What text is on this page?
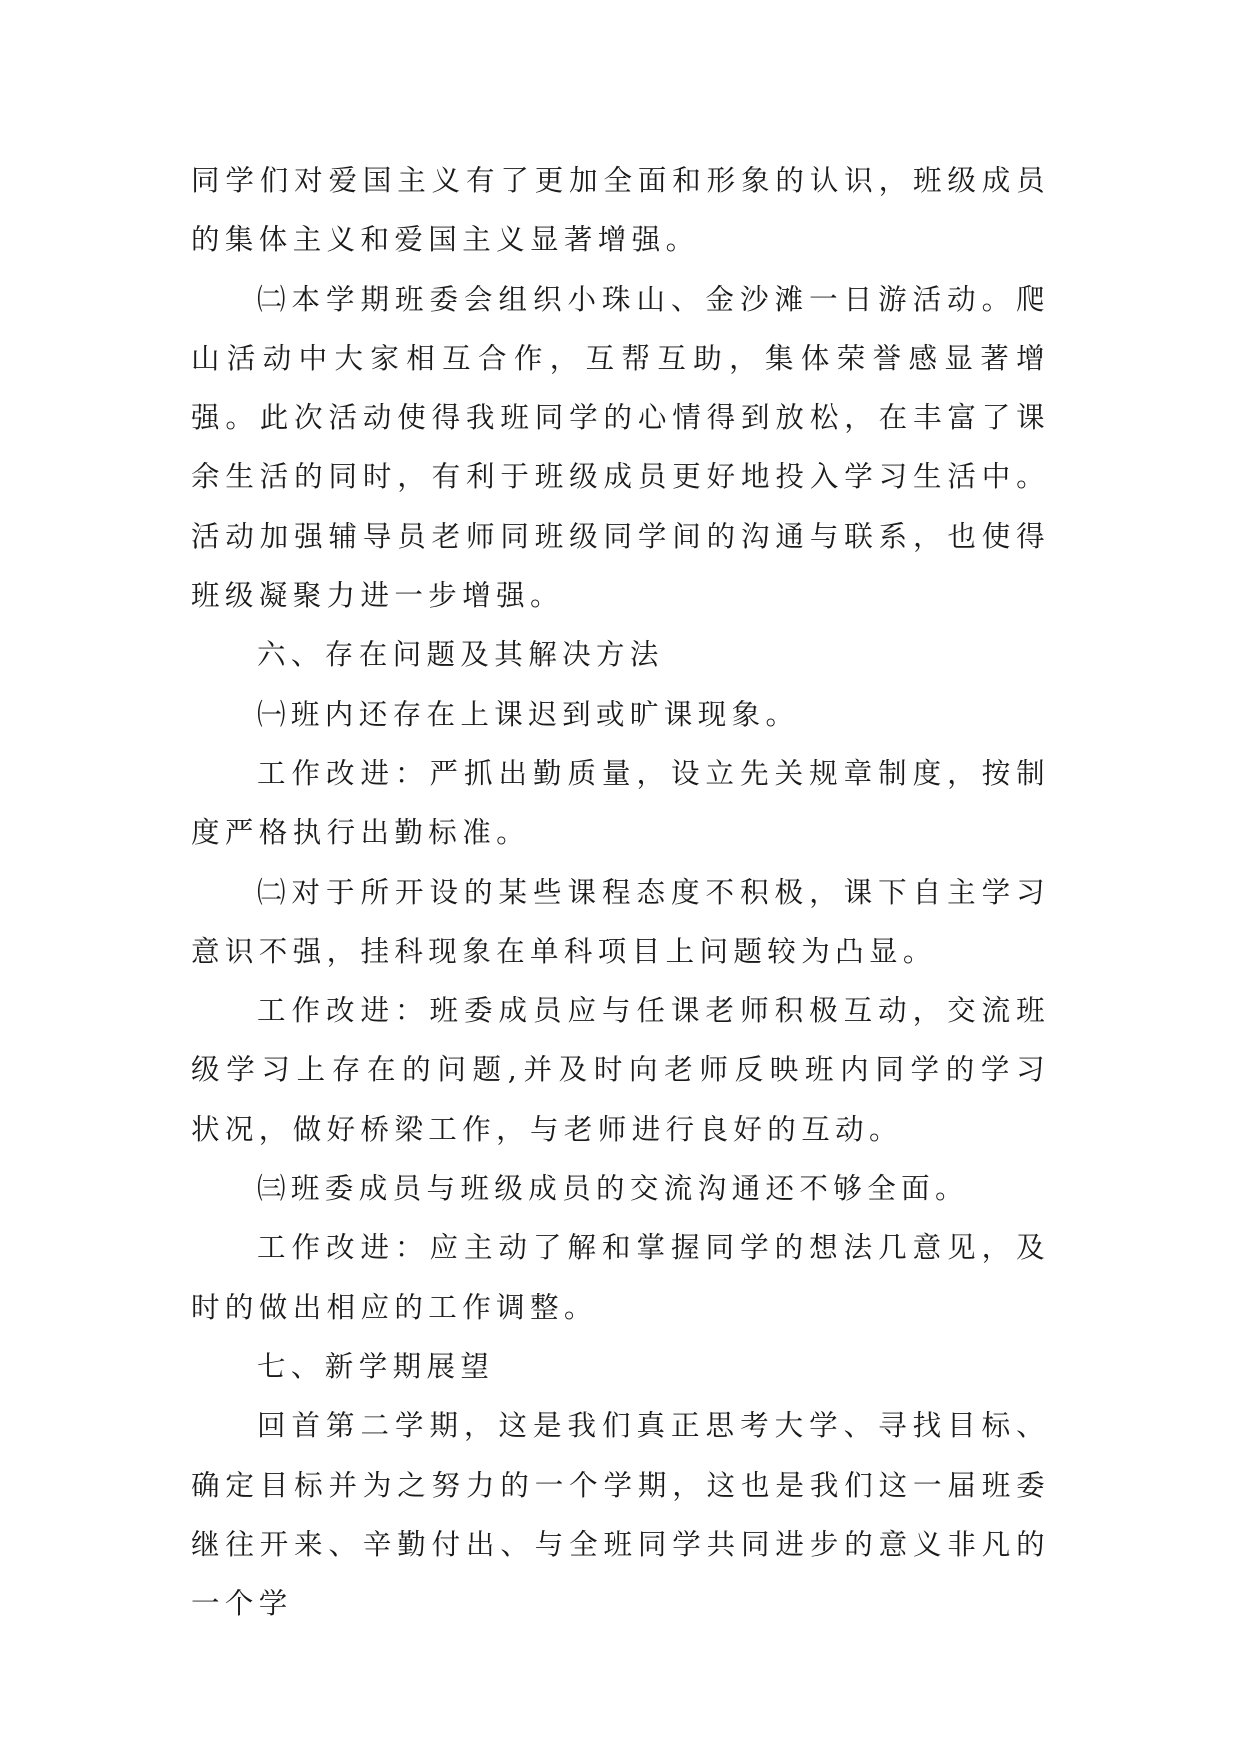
同学们对爱国主义有了更加全面和形象的认识，班级成员的集体主义和爱国主义显著增强。

㈡本学期班委会组织小珠山、金沙滩一日游活动。爬山活动中大家相互合作，互帮互助，集体荣誉感显著增强。此次活动使得我班同学的心情得到放松，在丰富了课余生活的同时，有利于班级成员更好地投入学习生活中。活动加强辅导员老师同班级同学间的沟通与联系，也使得班级凝聚力进一步增强。

六、存在问题及其解决方法

㈠班内还存在上课迟到或旷课现象。

工作改进：严抓出勤质量，设立先关规章制度，按制度严格执行出勤标准。

㈡对于所开设的某些课程态度不积极，课下自主学习意识不强，挂科现象在单科项目上问题较为凸显。

工作改进：班委成员应与任课老师积极互动，交流班级学习上存在的问题,并及时向老师反映班内同学的学习状况，做好桥梁工作，与老师进行良好的互动。

㈢班委成员与班级成员的交流沟通还不够全面。

工作改进：应主动了解和掌握同学的想法几意见，及时的做出相应的工作调整。

七、新学期展望

回首第二学期，这是我们真正思考大学、寻找目标、确定目标并为之努力的一个学期，这也是我们这一届班委继往开来、辛勤付出、与全班同学共同进步的意义非凡的一个学
